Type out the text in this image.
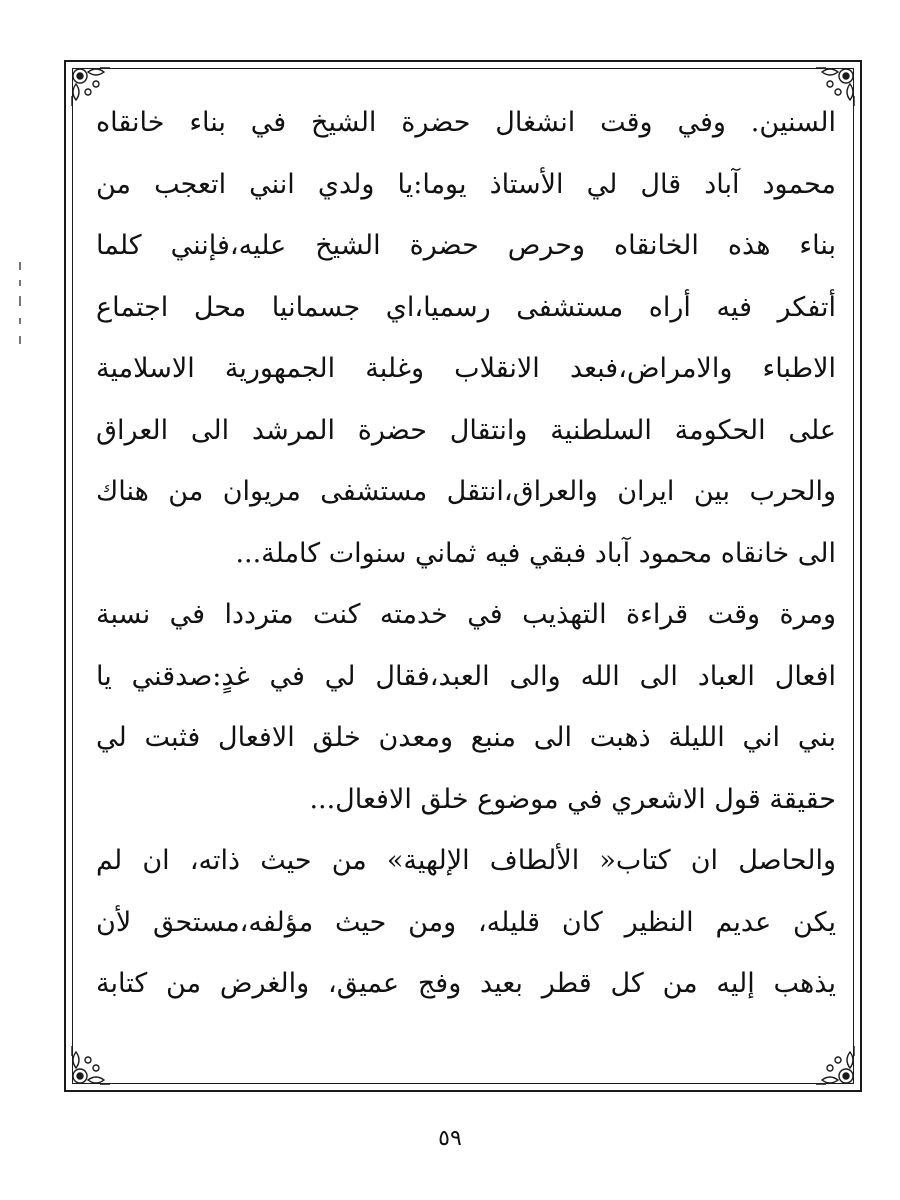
السنين. وفي وقت انشغال حضرة الشيخ في بناء خانقاه
محمود آباد قال لي الأستاذ يوما:يا ولدي انني اتعجب من
بناء هذه الخانقاه وحرص حضرة الشيخ عليه،فإنني كلما
أتفكر فيه أراه مستشفى رسميا،اي جسمانيا محل اجتماع
الاطباء والامراض،فبعد الانقلاب وغلبة الجمهورية الاسلامية
على الحكومة السلطنية وانتقال حضرة المرشد الى العراق
والحرب بين ايران والعراق،انتقل مستشفى مريوان من هناك
الى خانقاه محمود آباد فبقي فيه ثماني سنوات كاملة...
ومرة وقت قراءة التهذيب في خدمته كنت مترددا في نسبة
افعال العباد الى الله والى العبد،فقال لي في غدٍ:صدقني يا
بني اني الليلة ذهبت الى منبع ومعدن خلق الافعال فثبت لي
حقيقة قول الاشعري في موضوع خلق الافعال...
والحاصل ان كتاب« الألطاف الإلهية» من حيث ذاته، ان لم
يكن عديم النظير كان قليله، ومن حيث مؤلفه،مستحق لأن
يذهب إليه من كل قطر بعيد وفج عميق، والغرض من كتابة
٥٩
